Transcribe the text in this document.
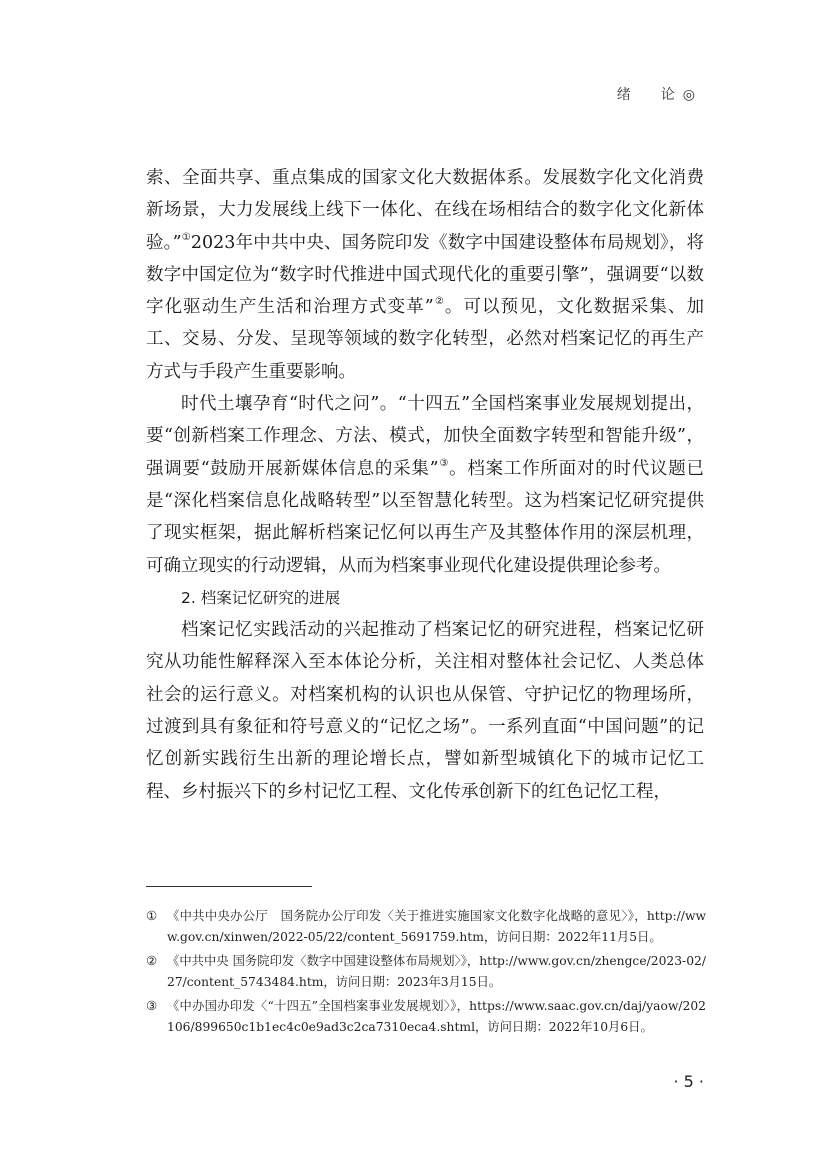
绪　论◎

索、全面共享、重点集成的国家文化大数据体系。发展数字化文化消费新场景，大力发展线上线下一体化、在线在场相结合的数字化文化新体验。”①2023年中共中央、国务院印发《数字中国建设整体布局规划》，将数字中国定位为“数字时代推进中国式现代化的重要引擎”，强调要“以数字化驱动生产生活和治理方式变革”②。可以预见，文化数据采集、加工、交易、分发、呈现等领域的数字化转型，必然对档案记忆的再生产方式与手段产生重要影响。

时代土壤孕育“时代之问”。“十四五”全国档案事业发展规划提出，要“创新档案工作理念、方法、模式，加快全面数字转型和智能升级”，强调要“鼓励开展新媒体信息的采集”③。档案工作所面对的时代议题已是“深化档案信息化战略转型”以至智慧化转型。这为档案记忆研究提供了现实框架，据此解析档案记忆何以再生产及其整体作用的深层机理，可确立现实的行动逻辑，从而为档案事业现代化建设提供理论参考。

2. 档案记忆研究的进展

档案记忆实践活动的兴起推动了档案记忆的研究进程，档案记忆研究从功能性解释深入至本体论分析，关注相对整体社会记忆、人类总体社会的运行意义。对档案机构的认识也从保管、守护记忆的物理场所，过渡到具有象征和符号意义的“记忆之场”。一系列直面“中国问题”的记忆创新实践衍生出新的理论增长点，譬如新型城镇化下的城市记忆工程、乡村振兴下的乡村记忆工程、文化传承创新下的红色记忆工程，

① 《中共中央办公厅　国务院办公厅印发〈关于推进实施国家文化数字化战略的意见〉》，http://www.gov.cn/xinwen/2022-05/22/content_5691759.htm，访问日期：2022年11月5日。
② 《中共中央 国务院印发〈数字中国建设整体布局规划〉》，http://www.gov.cn/zhengce/2023-02/27/content_5743484.htm，访问日期：2023年3月15日。
③ 《中办国办印发〈“十四五”全国档案事业发展规划〉》，https://www.saac.gov.cn/daj/yaow/202106/899650c1b1ec4c0e9ad3c2ca7310eca4.shtml，访问日期：2022年10月6日。
· 5 ·
